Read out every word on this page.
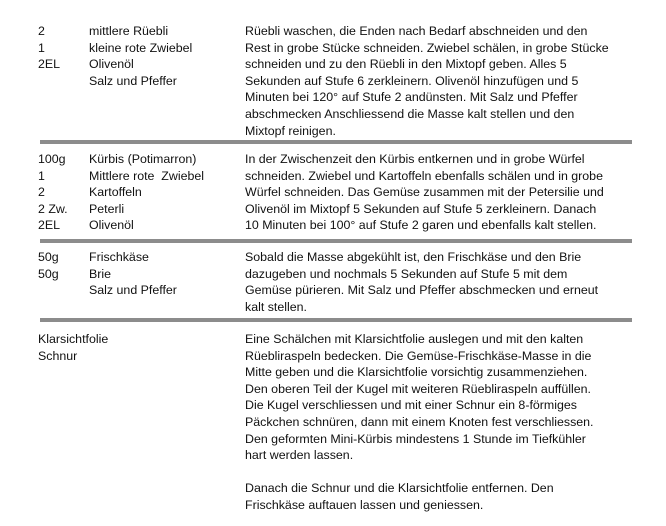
2	mittlere Rüebli
1	kleine rote Zwiebel
2EL	Olivenöl
Salz und Pfeffer
Rüebli waschen, die Enden nach Bedarf abschneiden und den
Rest in grobe Stücke schneiden. Zwiebel schälen, in grobe Stücke
schneiden und zu den Rüebli in den Mixtopf geben. Alles 5
Sekunden auf Stufe 6 zerkleinern. Olivenöl hinzufügen und 5
Minuten bei 120° auf Stufe 2 andünsten. Mit Salz und Pfeffer
abschmecken Anschliessend die Masse kalt stellen und den
Mixtopf reinigen.
100g	Kürbis (Potimarron)
1	Mittlere rote  Zwiebel
2	Kartoffeln
2 Zw.	Peterli
2EL	Olivenöl
In der Zwischenzeit den Kürbis entkernen und in grobe Würfel
schneiden. Zwiebel und Kartoffeln ebenfalls schälen und in grobe
Würfel schneiden. Das Gemüse zusammen mit der Petersilie und
Olivenöl im Mixtopf 5 Sekunden auf Stufe 5 zerkleinern. Danach
10 Minuten bei 100° auf Stufe 2 garen und ebenfalls kalt stellen.
50g	Frischkäse
50g	Brie
Salz und Pfeffer
Sobald die Masse abgekühlt ist, den Frischkäse und den Brie
dazugeben und nochmals 5 Sekunden auf Stufe 5 mit dem
Gemüse pürieren. Mit Salz und Pfeffer abschmecken und erneut
kalt stellen.
Klarsichtfolie
Schnur
Eine Schälchen mit Klarsichtfolie auslegen und mit den kalten
Rüebliraspeln bedecken. Die Gemüse-Frischkäse-Masse in die
Mitte geben und die Klarsichtfolie vorsichtig zusammenziehen.
Den oberen Teil der Kugel mit weiteren Rüebliraspeln auffüllen.
Die Kugel verschliessen und mit einer Schnur ein 8-förmiges
Päckchen schnüren, dann mit einem Knoten fest verschliessen.
Den geformten Mini-Kürbis mindestens 1 Stunde im Tiefkühler
hart werden lassen.
Danach die Schnur und die Klarsichtfolie entfernen. Den
Frischkäse auftauen lassen und geniessen.
